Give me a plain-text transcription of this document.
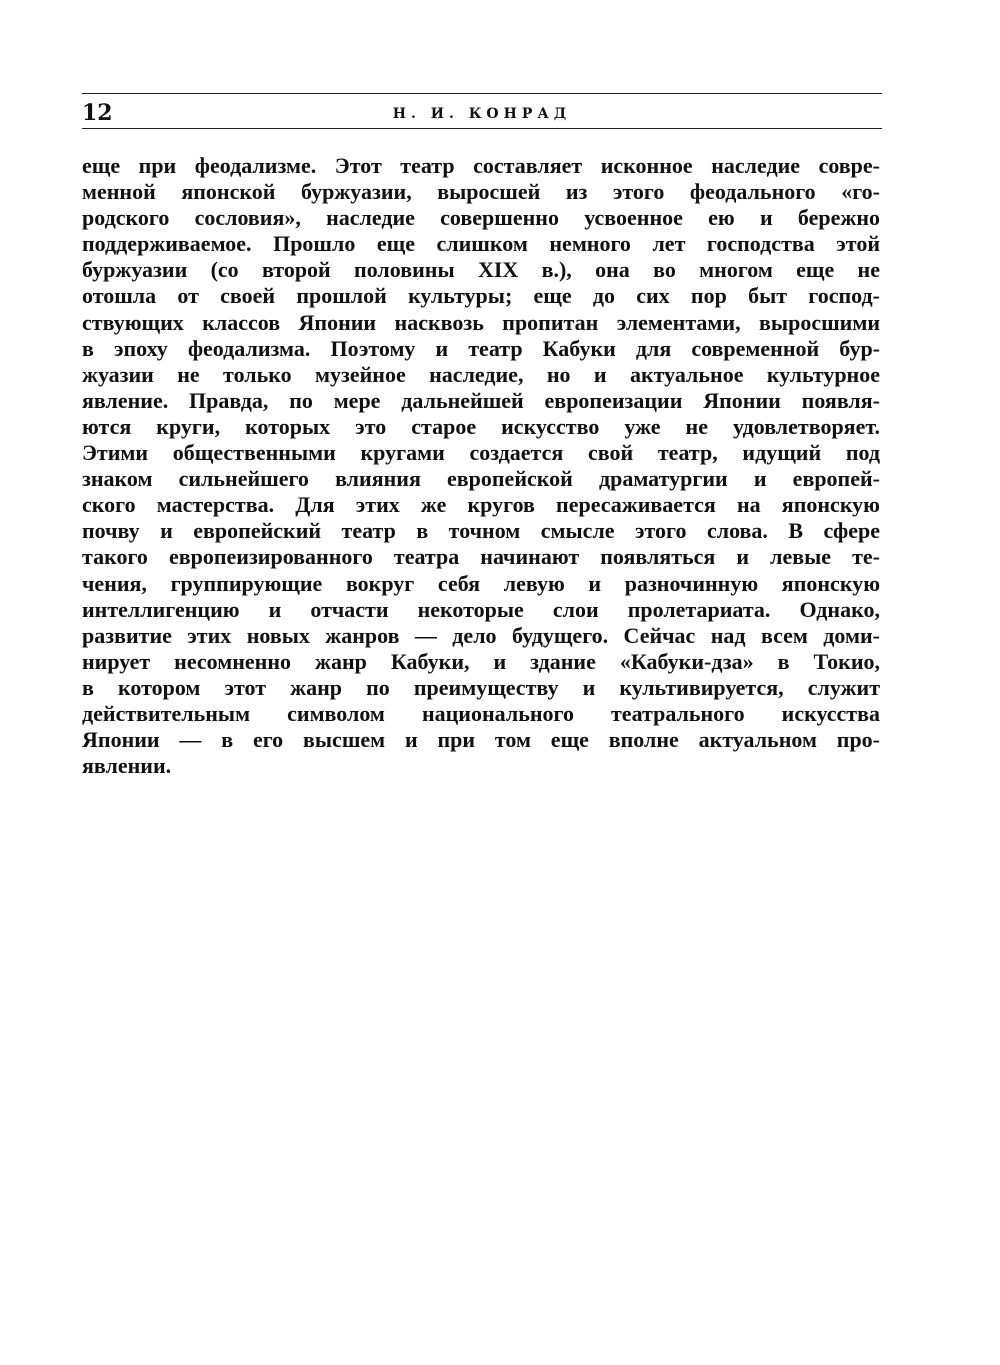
12	Н. И. КОНРАД
еще при феодализме. Этот театр составляет исконное наследие совре-
менной японской буржуазии, выросшей из этого феодального «го-
родского сословия», наследие совершенно усвоенное ею и бережно
поддерживаемое. Прошло еще слишком немного лет господства этой
буржуазии (со второй половины XIX в.), она во многом еще не
отошла от своей прошлой культуры; еще до сих пор быт господ-
ствующих классов Японии насквозь пропитан элементами, выросшими
в эпоху феодализма. Поэтому и театр Кабуки для современной бур-
жуазии не только музейное наследие, но и актуальное культурное
явление. Правда, по мере дальнейшей европеизации Японии появля-
ются круги, которых это старое искусство уже не удовлетворяет.
Этими общественными кругами создается свой театр, идущий под
знаком сильнейшего влияния европейской драматургии и европей-
ского мастерства. Для этих же кругов пересаживается на японскую
почву и европейский театр в точном смысле этого слова. В сфере
такого европеизированного театра начинают появляться и левые те-
чения, группирующие вокруг себя левую и разночинную японскую
интеллигенцию и отчасти некоторые слои пролетариата. Однако,
развитие этих новых жанров — дело будущего. Сейчас над всем доми-
нирует несомненно жанр Кабуки, и здание «Кабуки-дза» в Токио,
в котором этот жанр по преимуществу и культивируется, служит
действительным символом национального театрального искусства
Японии — в его высшем и при том еще вполне актуальном про-
явлении.
